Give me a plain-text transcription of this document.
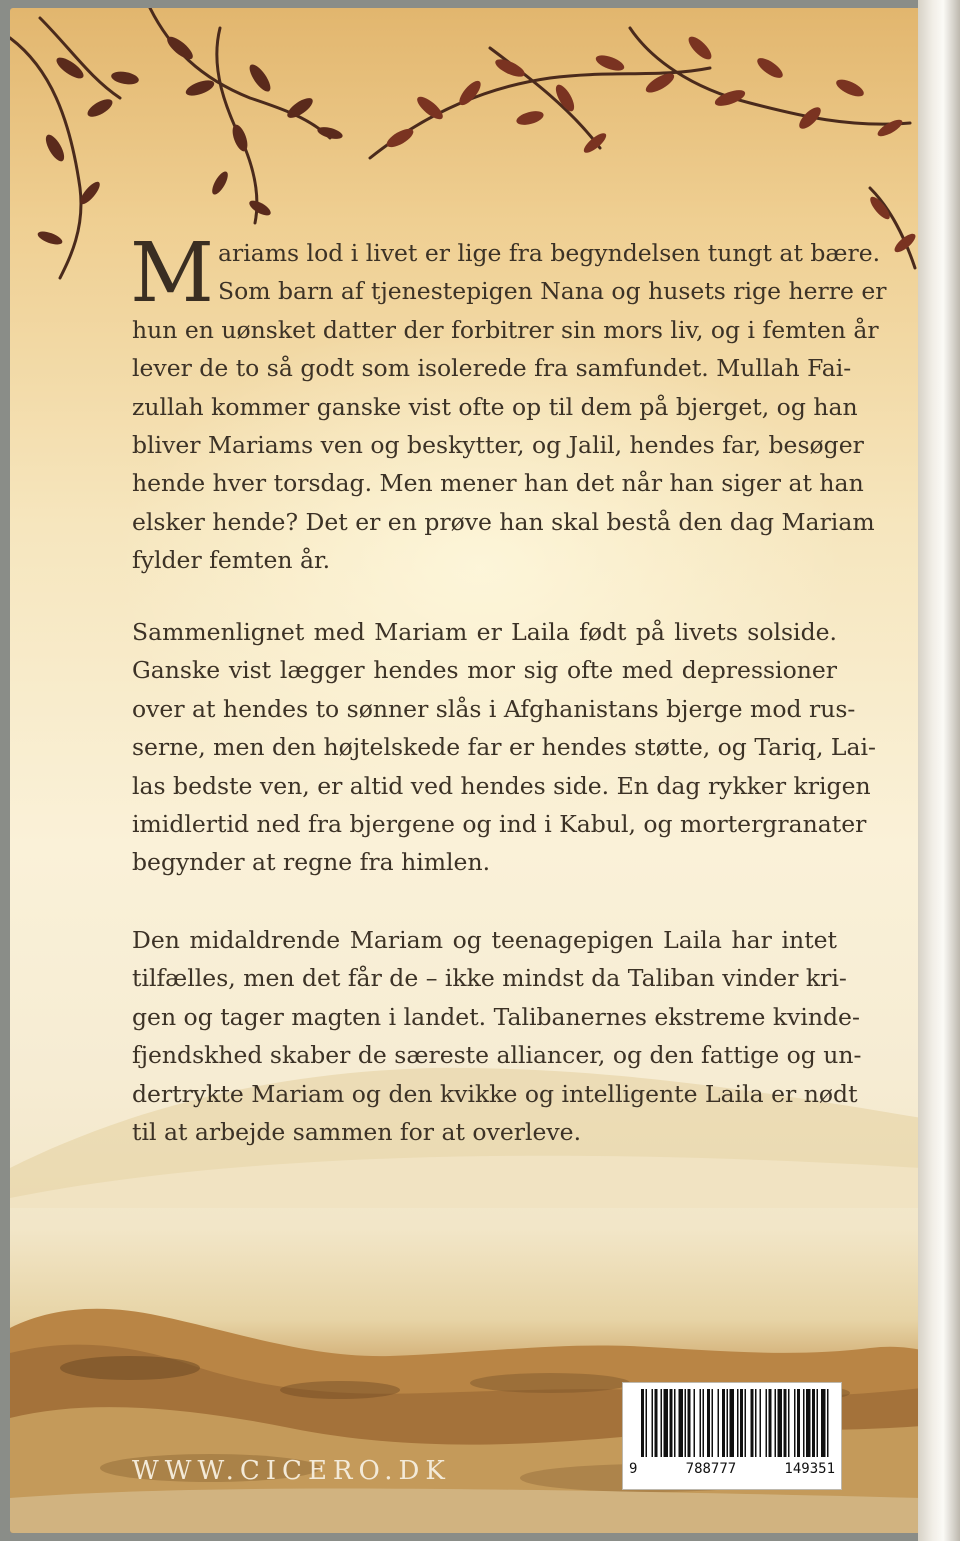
M ariams lod i livet er lige fra begyndelsen tungt at bære.
Som barn af tjenestepigen Nana og husets rige herre er
hun en uønsket datter der forbitrer sin mors liv, og i femten år
lever de to så godt som isolerede fra samfundet. Mullah Fai-
zullah kommer ganske vist ofte op til dem på bjerget, og han
bliver Mariams ven og beskytter, og Jalil, hendes far, besøger
hende hver torsdag. Men mener han det når han siger at han
elsker hende? Det er en prøve han skal bestå den dag Mariam
fylder femten år.
Sammenlignet med Mariam er Laila født på livets solside.
Ganske vist lægger hendes mor sig ofte med depressioner
over at hendes to sønner slås i Afghanistans bjerge mod rus-
serne, men den højtelskede far er hendes støtte, og Tariq, Lai-
las bedste ven, er altid ved hendes side. En dag rykker krigen
imidlertid ned fra bjergene og ind i Kabul, og mortergranater
begynder at regne fra himlen.
Den midaldrende Mariam og teenagepigen Laila har intet
tilfælles, men det får de – ikke mindst da Taliban vinder kri-
gen og tager magten i landet. Talibanernes ekstreme kvinde-
fjendskhed skaber de særeste alliancer, og den fattige og un-
dertrykte Mariam og den kvikke og intelligente Laila er nødt
til at arbejde sammen for at overleve.
WWW.CICERO.DK	9	788777	149351
